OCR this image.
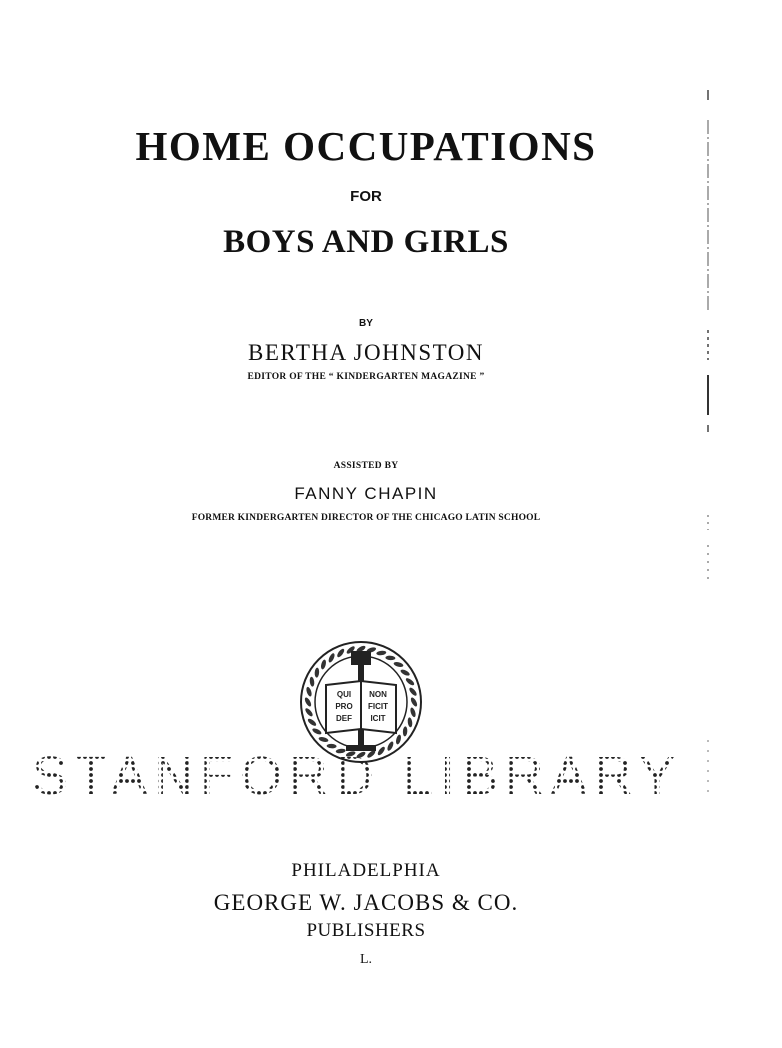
HOME OCCUPATIONS
FOR
BOYS AND GIRLS
BY
BERTHA JOHNSTON
EDITOR OF THE “ KINDERGARTEN MAGAZINE ”
ASSISTED BY
FANNY CHAPIN
FORMER KINDERGARTEN DIRECTOR OF THE CHICAGO LATIN SCHOOL
QUI NON
PRO FICIT
DEF ICIT
STANFORD LIBRARY
PHILADELPHIA
GEORGE W. JACOBS & CO.
PUBLISHERS
L.
